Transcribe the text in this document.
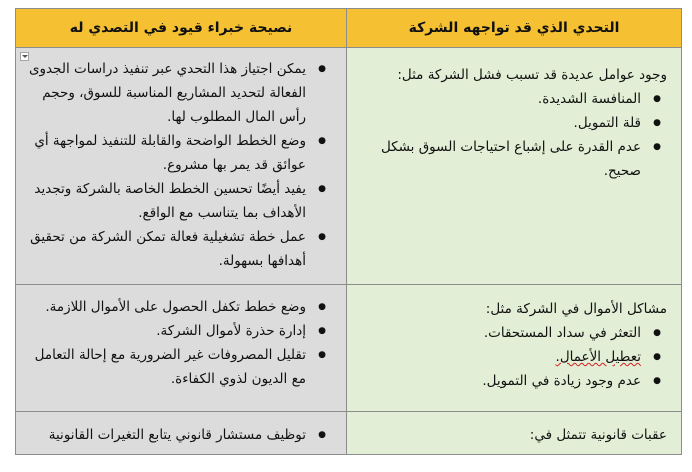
التحدي الذي قد تواجهه الشركة
نصيحة خبراء قيود في التصدي له

وجود عوامل عديدة قد تسبب فشل الشركة مثل:

● المنافسة الشديدة.
● قلة التمويل.
● عدم القدرة على إشباع احتياجات السوق بشكل صحيح.
● يمكن اجتياز هذا التحدي عبر تنفيذ دراسات الجدوى الفعالة لتحديد المشاريع المناسبة للسوق، وحجم رأس المال المطلوب لها.
● وضع الخطط الواضحة والقابلة للتنفيذ لمواجهة أي عوائق قد يمر بها مشروع.
● يفيد أيضًا تحسين الخطط الخاصة بالشركة وتجديد الأهداف بما يتناسب مع الواقع.
● عمل خطة تشغيلية فعالة تمكن الشركة من تحقيق أهدافها بسهولة.

مشاكل الأموال في الشركة مثل:

● التعثر في سداد المستحقات.
● تعطيل الأعمال.
● عدم وجود زيادة في التمويل.
● وضع خطط تكفل الحصول على الأموال اللازمة.
● إدارة حذرة لأموال الشركة.
● تقليل المصروفات غير الضرورية مع إحالة التعامل مع الديون لذوي الكفاءة.

عقبات قانونية تتمثل في:

● توظيف مستشار قانوني يتابع التغيرات القانونية
